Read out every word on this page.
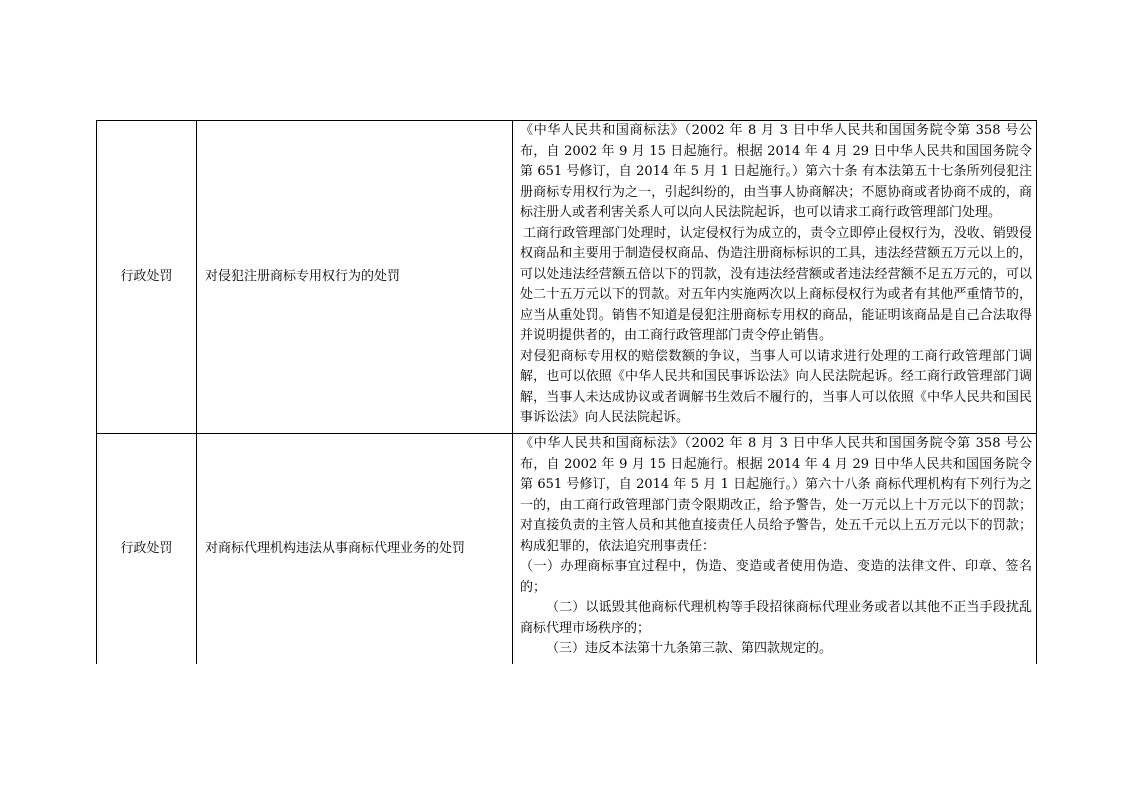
行政处罚	对侵犯注册商标专用权行为的处罚	《中华人民共和国商标法》（2002 年 8 月 3 日中华人民共和国国务院令第 358 号公布，自 2002 年 9 月 15 日起施行。根据 2014 年 4 月 29 日中华人民共和国国务院令第 651 号修订，自 2014 年 5 月 1 日起施行。）第六十条 有本法第五十七条所列侵犯注册商标专用权行为之一，引起纠纷的，由当事人协商解决；不愿协商或者协商不成的，商标注册人或者利害关系人可以向人民法院起诉，也可以请求工商行政管理部门处理。

工商行政管理部门处理时，认定侵权行为成立的，责令立即停止侵权行为，没收、销毁侵权商品和主要用于制造侵权商品、伪造注册商标标识的工具，违法经营额五万元以上的，可以处违法经营额五倍以下的罚款，没有违法经营额或者违法经营额不足五万元的，可以处二十五万元以下的罚款。对五年内实施两次以上商标侵权行为或者有其他严重情节的，应当从重处罚。销售不知道是侵犯注册商标专用权的商品，能证明该商品是自己合法取得并说明提供者的，由工商行政管理部门责令停止销售。

对侵犯商标专用权的赔偿数额的争议，当事人可以请求进行处理的工商行政管理部门调解，也可以依照《中华人民共和国民事诉讼法》向人民法院起诉。经工商行政管理部门调解，当事人未达成协议或者调解书生效后不履行的，当事人可以依照《中华人民共和国民事诉讼法》向人民法院起诉。

行政处罚	对商标代理机构违法从事商标代理业务的处罚	《中华人民共和国商标法》（2002 年 8 月 3 日中华人民共和国国务院令第 358 号公布，自 2002 年 9 月 15 日起施行。根据 2014 年 4 月 29 日中华人民共和国国务院令第 651 号修订，自 2014 年 5 月 1 日起施行。）第六十八条 商标代理机构有下列行为之一的，由工商行政管理部门责令限期改正，给予警告，处一万元以上十万元以下的罚款；对直接负责的主管人员和其他直接责任人员给予警告，处五千元以上五万元以下的罚款；构成犯罪的，依法追究刑事责任：

（一）办理商标事宜过程中，伪造、变造或者使用伪造、变造的法律文件、印章、签名的；

（二）以诋毁其他商标代理机构等手段招徕商标代理业务或者以其他不正当手段扰乱商标代理市场秩序的；

（三）违反本法第十九条第三款、第四款规定的。
